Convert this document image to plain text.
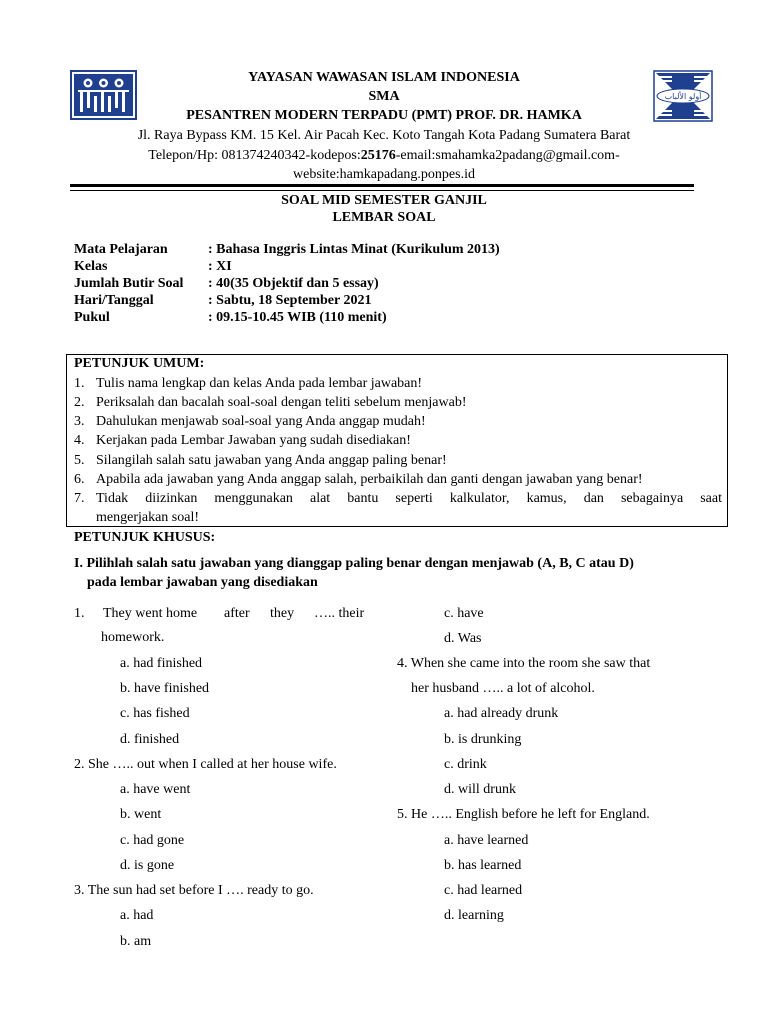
أولو الألباب
YAYASAN WAWASAN ISLAM INDONESIA
SMA
PESANTREN MODERN TERPADU (PMT) PROF. DR. HAMKA
Jl. Raya Bypass KM. 15 Kel. Air Pacah Kec. Koto Tangah Kota Padang Sumatera Barat
Telepon/Hp: 081374240342-kodepos:25176-email:smahamka2padang@gmail.com-
website:hamkapadang.ponpes.id
SOAL MID SEMESTER GANJIL
LEMBAR SOAL
Mata Pelajaran	: Bahasa Inggris Lintas Minat (Kurikulum 2013)
Kelas	: XI
Jumlah Butir Soal : 40(35 Objektif dan 5 essay)
Hari/Tanggal	: Sabtu, 18 September 2021
Pukul	: 09.15-10.45 WIB (110 menit)
PETUNJUK UMUM:
1. Tulis nama lengkap dan kelas Anda pada lembar jawaban!
2. Periksalah dan bacalah soal-soal dengan teliti sebelum menjawab!
3. Dahulukan menjawab soal-soal yang Anda anggap mudah!
4. Kerjakan pada Lembar Jawaban yang sudah disediakan!
5. Silangilah salah satu jawaban yang Anda anggap paling benar!
6. Apabila ada jawaban yang Anda anggap salah, perbaikilah dan ganti dengan jawaban yang benar!
7. Tidak diizinkan menggunakan alat bantu seperti kalkulator, kamus, dan sebagainya saat
mengerjakan soal!
PETUNJUK KHUSUS:
I. Pilihlah salah satu jawaban yang dianggap paling benar dengan menjawab (A, B, C atau D)
pada lembar jawaban yang disediakan
1. They went home after they ….. their
homework.
a. had finished
b. have finished
c. has fished
d. finished
2. She ….. out when I called at her house wife.
a. have went
b. went
c. had gone
d. is gone
3. The sun had set before I …. ready to go.
a. had
b. am
c. have
d. Was
4. When she came into the room she saw that
her husband ….. a lot of alcohol.
a. had already drunk
b. is drunking
c. drink
d. will drunk
5. He ….. English before he left for England.
a. have learned
b. has learned
c. had learned
d. learning
